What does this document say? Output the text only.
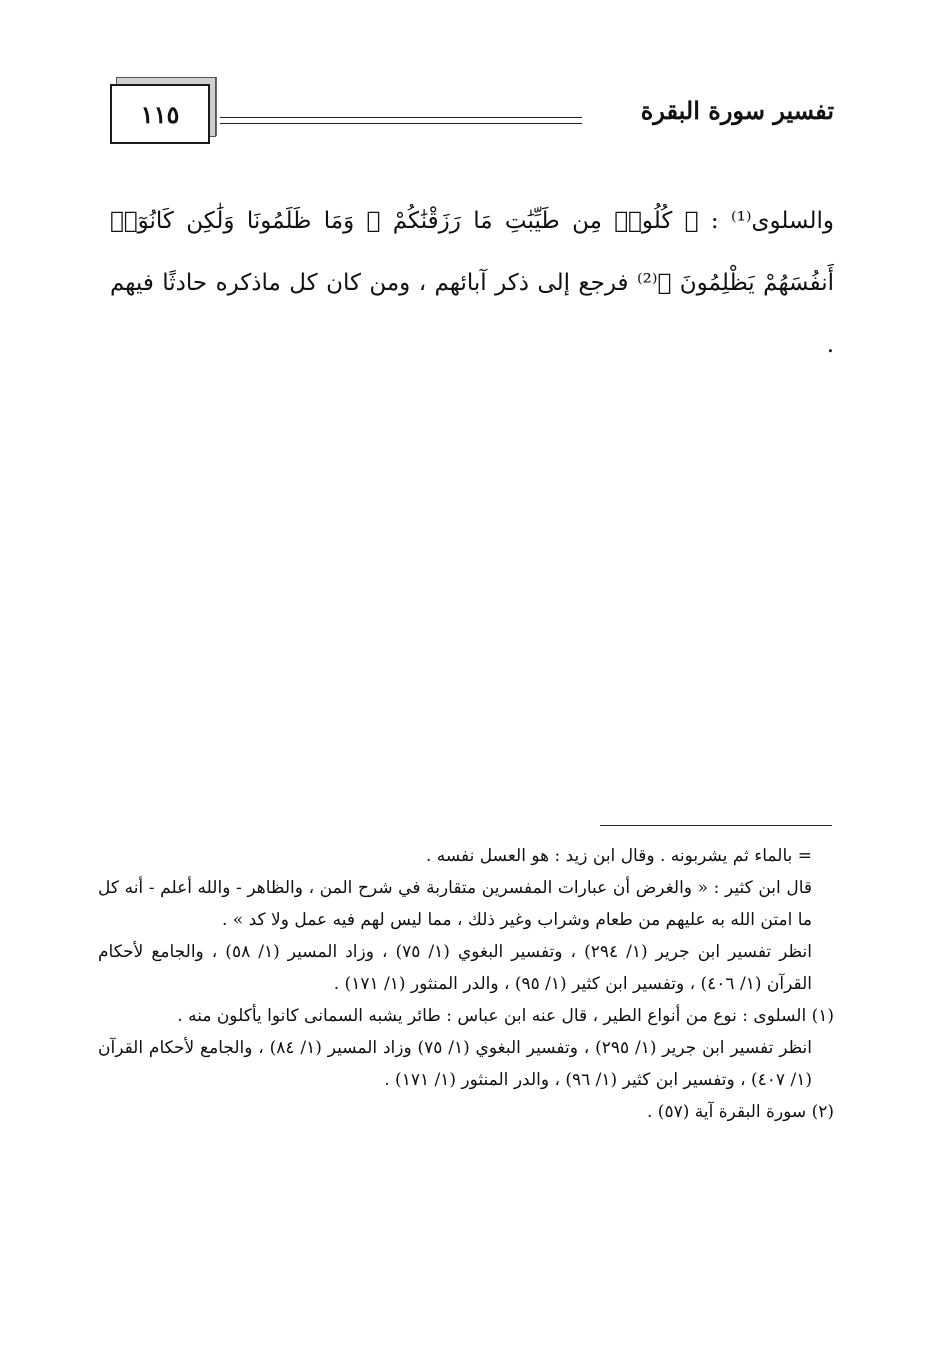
١١٥	تفسير سورة البقرة
والسلوى⁽¹⁾ : ﴿ كُلُوا۟ مِن طَيِّبَٰتِ مَا رَزَقْنَٰكُمْ ۚ وَمَا ظَلَمُونَا وَلَٰكِن كَانُوٓا۟ أَنفُسَهُمْ يَظْلِمُونَ ﴾⁽²⁾ فرجع إلى ذكر آبائهم ، ومن كان كل ماذكره حادثًا فيهم .

= بالماء ثم يشربونه . وقال ابن زيد : هو العسل نفسه .

قال ابن كثير : « والغرض أن عبارات المفسرين متقاربة في شرح المن ، والظاهر - والله أعلم - أنه كل ما امتن الله به عليهم من طعام وشراب وغير ذلك ، مما ليس لهم فيه عمل ولا كد » .

انظر تفسير ابن جرير (١/ ٢٩٤) ، وتفسير البغوي (١/ ٧٥) ، وزاد المسير (١/ ٥٨) ، والجامع لأحكام القرآن (١/ ٤٠٦) ، وتفسير ابن كثير (١/ ٩٥) ، والدر المنثور (١/ ١٧١) .

(١) السلوى : نوع من أنواع الطير ، قال عنه ابن عباس : طائر يشبه السمانى كانوا يأكلون منه .

انظر تفسير ابن جرير (١/ ٢٩٥) ، وتفسير البغوي (١/ ٧٥) وزاد المسير (١/ ٨٤) ، والجامع لأحكام القرآن (١/ ٤٠٧) ، وتفسير ابن كثير (١/ ٩٦) ، والدر المنثور (١/ ١٧١) .

(٢) سورة البقرة آية (٥٧) .
